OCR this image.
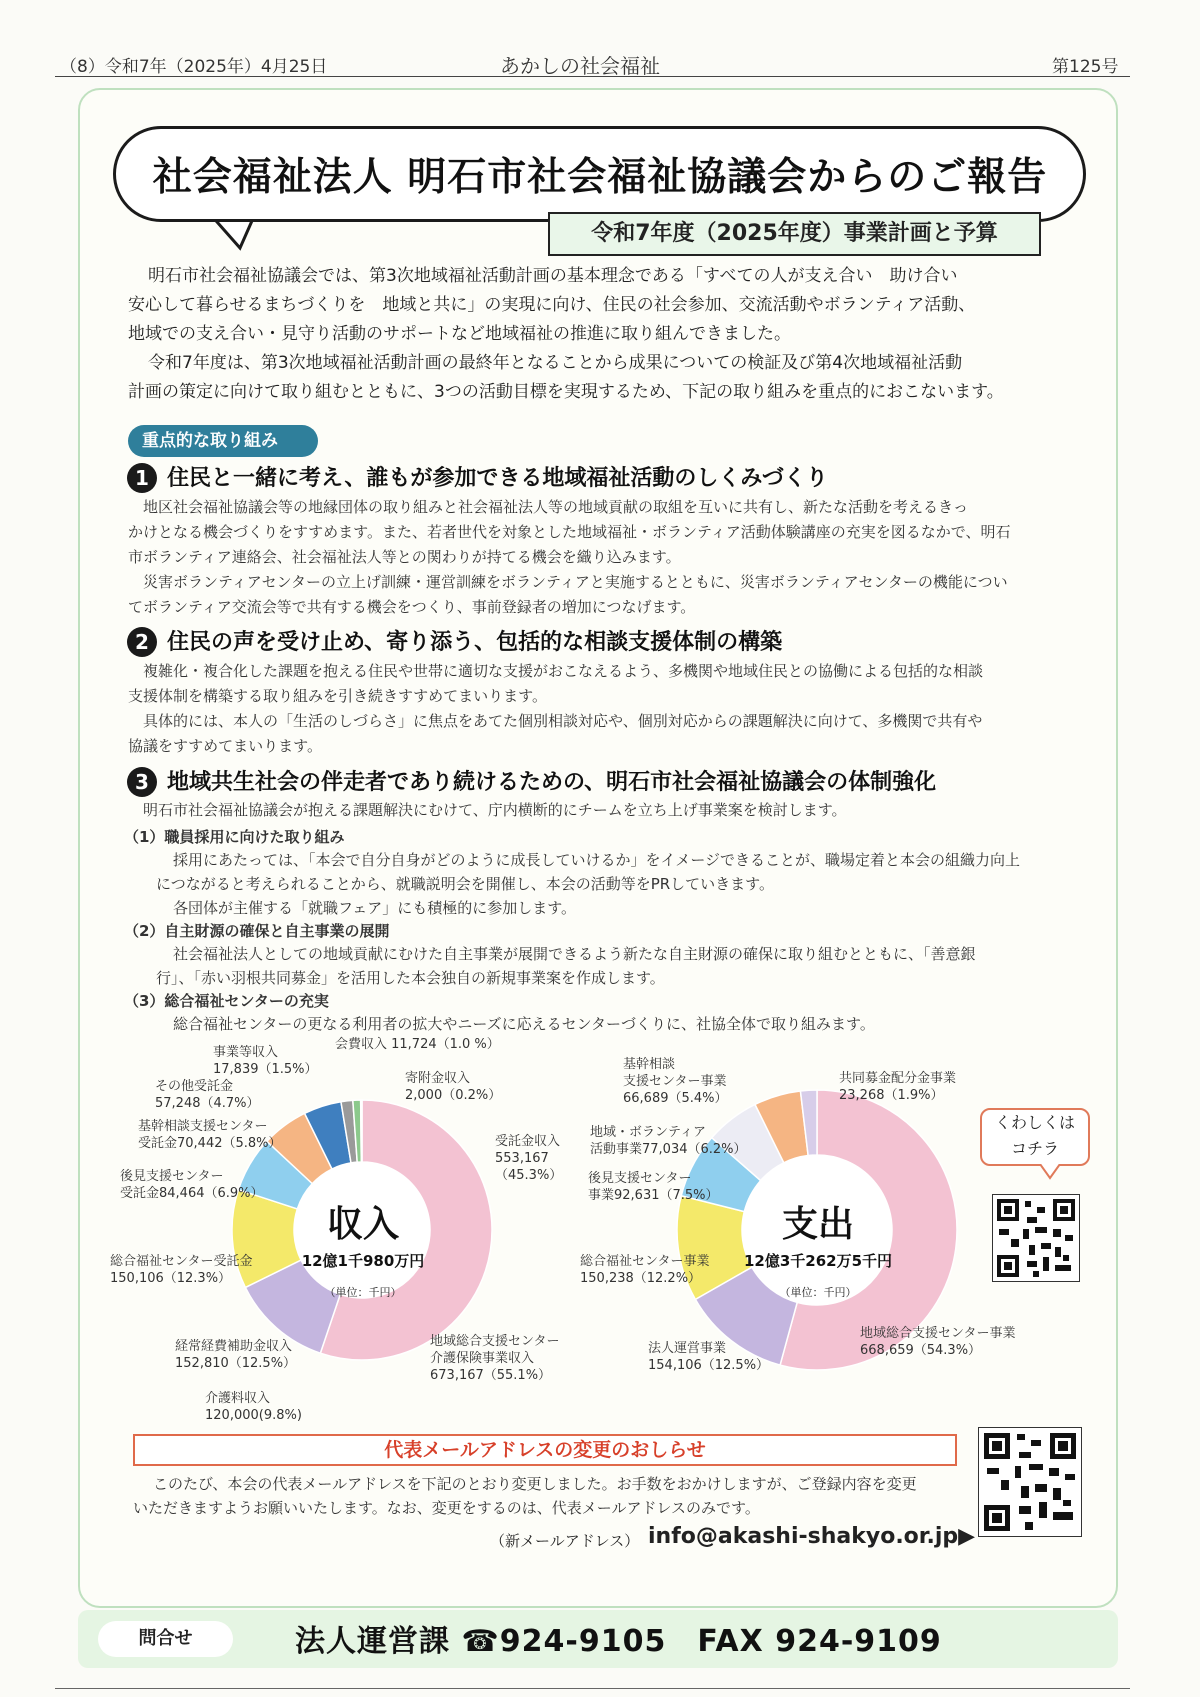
（8）令和7年（2025年）4月25日	あかしの社会福祉	第125号
社会福祉法人 明石市社会福祉協議会からのご報告
令和7年度（2025年度）事業計画と予算
明石市社会福祉協議会では、第3次地域福祉活動計画の基本理念である「すべての人が支え合い　助け合い
安心して暮らせるまちづくりを　地域と共に」の実現に向け、住民の社会参加、交流活動やボランティア活動、
地域での支え合い・見守り活動のサポートなど地域福祉の推進に取り組んできました。
令和7年度は、第3次地域福祉活動計画の最終年となることから成果についての検証及び第4次地域福祉活動
計画の策定に向けて取り組むとともに、3つの活動目標を実現するため、下記の取り組みを重点的におこないます。
重点的な取り組み
1 住民と一緒に考え、誰もが参加できる地域福祉活動のしくみづくり
地区社会福祉協議会等の地縁団体の取り組みと社会福祉法人等の地域貢献の取組を互いに共有し、新たな活動を考えるきっ
かけとなる機会づくりをすすめます。また、若者世代を対象とした地域福祉・ボランティア活動体験講座の充実を図るなかで、明石
市ボランティア連絡会、社会福祉法人等との関わりが持てる機会を織り込みます。
災害ボランティアセンターの立上げ訓練・運営訓練をボランティアと実施するとともに、災害ボランティアセンターの機能につい
てボランティア交流会等で共有する機会をつくり、事前登録者の増加につなげます。
2 住民の声を受け止め、寄り添う、包括的な相談支援体制の構築
複雑化・複合化した課題を抱える住民や世帯に適切な支援がおこなえるよう、多機関や地域住民との協働による包括的な相談
支援体制を構築する取り組みを引き続きすすめてまいります。
具体的には、本人の「生活のしづらさ」に焦点をあてた個別相談対応や、個別対応からの課題解決に向けて、多機関で共有や
協議をすすめてまいります。
3 地域共生社会の伴走者であり続けるための、明石市社会福祉協議会の体制強化
明石市社会福祉協議会が抱える課題解決にむけて、庁内横断的にチームを立ち上げ事業案を検討します。
（1）職員採用に向けた取り組み
採用にあたっては、「本会で自分自身がどのように成長していけるか」をイメージできることが、職場定着と本会の組織力向上
につながると考えられることから、就職説明会を開催し、本会の活動等をPRしていきます。
各団体が主催する「就職フェア」にも積極的に参加します。
（2）自主財源の確保と自主事業の展開
社会福祉法人としての地域貢献にむけた自主事業が展開できるよう新たな自主財源の確保に取り組むとともに、「善意銀
行」、「赤い羽根共同募金」を活用した本会独自の新規事業案を作成します。
（3）総合福祉センターの充実
総合福祉センターの更なる利用者の拡大やニーズに応えるセンターづくりに、社協全体で取り組みます。
会費収入 11,724（1.0 %）
事業等収入
17,839（1.5%）
寄附金収入
2,000（0.2%）
その他受託金
57,248（4.7%）
基幹相談支援センター
受託金70,442（5.8%）	受託金収入
553,167
（45.3%）
後見支援センター
受託金84,464（6.9%）
総合福祉センター受託金
150,106（12.3%）
経常経費補助金収入
152,810（12.5%）
地域総合支援センター
介護保険事業収入
673,167（55.1%）
介護料収入
120,000(9.8%)
収入
12億1千980万円
（単位：千円）
基幹相談
支援センター事業
66,689（5.4%）
共同募金配分金事業
23,268（1.9%）
地域・ボランティア
活動事業77,034（6.2%）
後見支援センター
事業92,631（7.5%）
総合福祉センター事業
150,238（12.2%）
法人運営事業
154,106（12.5%）
地域総合支援センター事業
668,659（54.3%）
支出
12億3千262万5千円
（単位：千円）
くわしくは
コチラ
代表メールアドレスの変更のおしらせ
このたび、本会の代表メールアドレスを下記のとおり変更しました。お手数をおかけしますが、ご登録内容を変更
いただきますようお願いいたします。なお、変更をするのは、代表メールアドレスのみです。
（新メールアドレス） info@akashi-shakyo.or.jp▶
問合せ	法人運営課 ☎924-9105　FAX 924-9109
